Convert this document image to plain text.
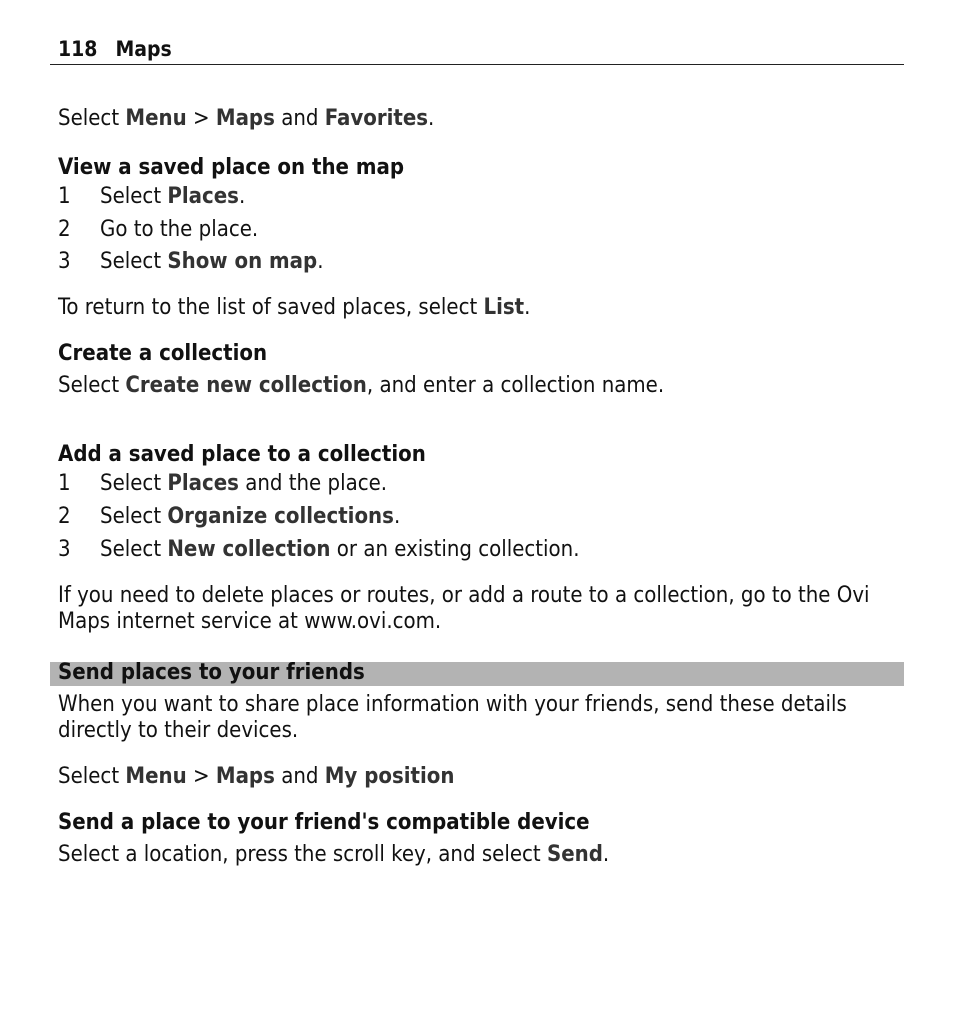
118 Maps
Select Menu > Maps and Favorites.
View a saved place on the map
1 Select Places.
2 Go to the place.
3 Select Show on map.
To return to the list of saved places, select List.
Create a collection
Select Create new collection, and enter a collection name.
Add a saved place to a collection
1 Select Places and the place.
2 Select Organize collections.
3 Select New collection or an existing collection.
If you need to delete places or routes, or add a route to a collection, go to the Ovi
Maps internet service at www.ovi.com.
Send places to your friends
When you want to share place information with your friends, send these details
directly to their devices.
Select Menu > Maps and My position
Send a place to your friend's compatible device
Select a location, press the scroll key, and select Send.
